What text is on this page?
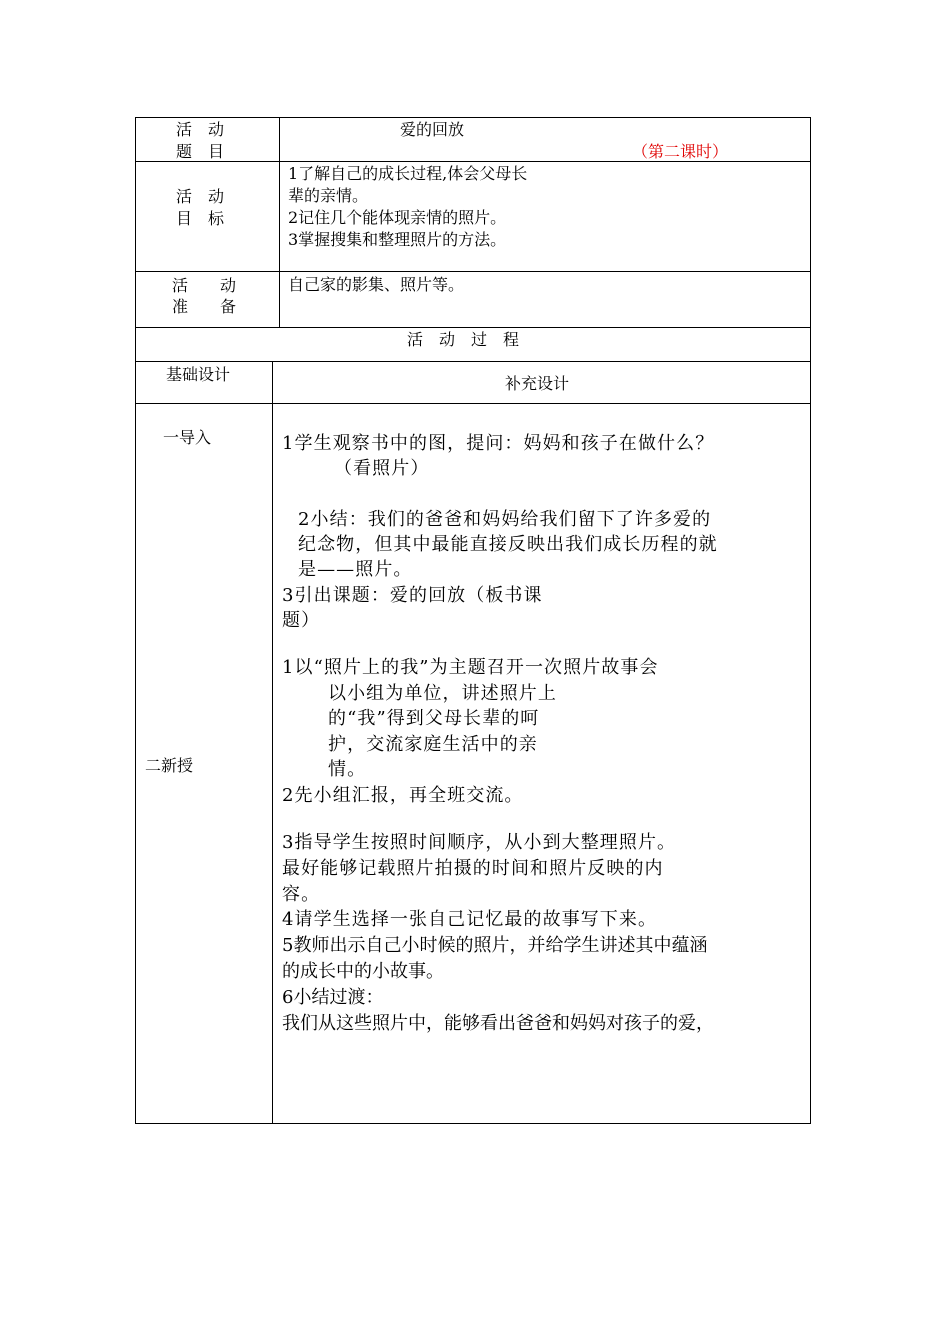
活　动
题　目
爱的回放
（第二课时）
活　动
目　标
1了解自己的成长过程,体会父母长
辈的亲情。
2记住几个能体现亲情的照片。
3掌握搜集和整理照片的方法。
活　　动
准　　备
自己家的影集、照片等。
活　动　过　程
基础设计	补充设计
一导入
二新授
1学生观察书中的图，提问：妈妈和孩子在做什么？
（看照片）
2小结：我们的爸爸和妈妈给我们留下了许多爱的
纪念物，但其中最能直接反映出我们成长历程的就
是——照片。
3引出课题：爱的回放（板书课
题）
1以“照片上的我”为主题召开一次照片故事会
以小组为单位，讲述照片上
的“我”得到父母长辈的呵
护，交流家庭生活中的亲
情。
2先小组汇报，再全班交流。
3指导学生按照时间顺序，从小到大整理照片。
最好能够记载照片拍摄的时间和照片反映的内
容。
4请学生选择一张自己记忆最的故事写下来。
5教师出示自己小时候的照片，并给学生讲述其中蕴涵
的成长中的小故事。
6小结过渡：
我们从这些照片中，能够看出爸爸和妈妈对孩子的爱，
